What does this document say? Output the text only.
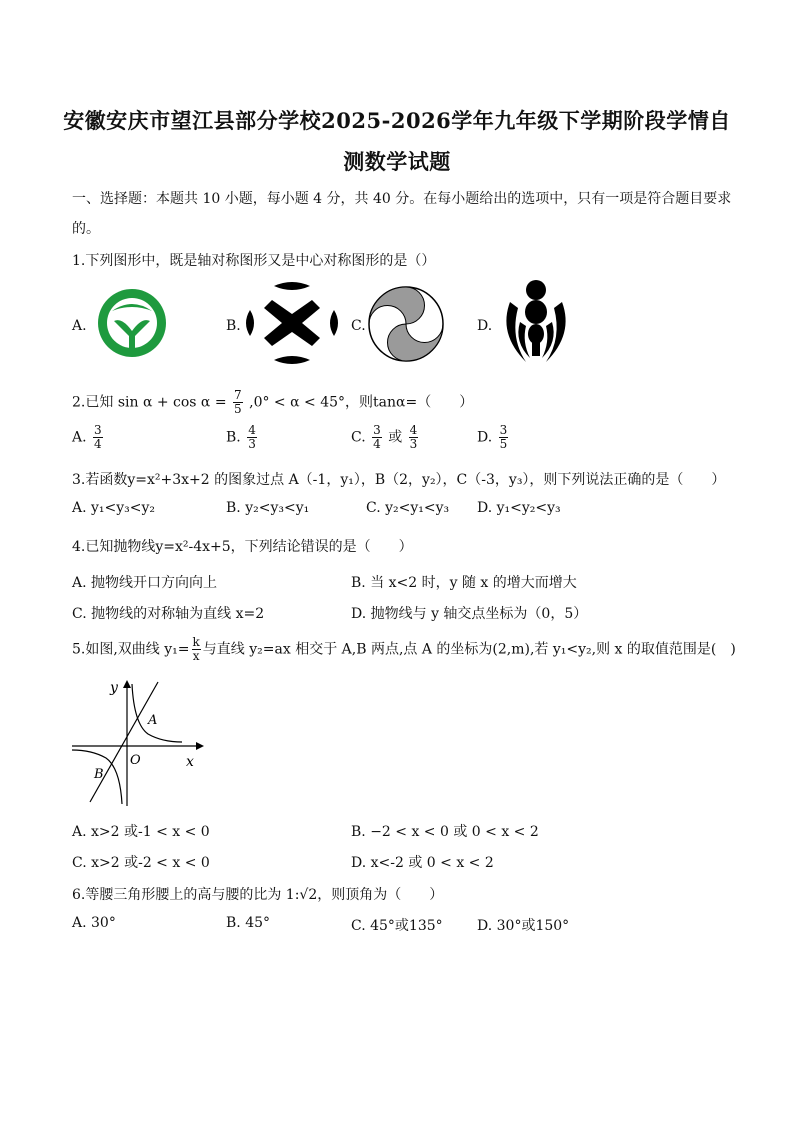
安徽安庆市望江县部分学校2025-2026学年九年级下学期阶段学情自
测数学试题
一、选择题：本题共 10 小题，每小题 4 分，共 40 分。在每小题给出的选项中，只有一项是符合题目要求
的。
1.下列图形中，既是轴对称图形又是中心对称图形的是（）
A.	B.	C.	D.
2.已知 $\sin \alpha + \cos \alpha = \frac{7}{5} ,0^\circ < \alpha < 45^\circ$，则tanα=（　　）
A. $\frac{3}{4}$	B. $\frac{4}{3}$	C. $\frac{3}{4}$ 或 $\frac{4}{3}$	D. $\frac{3}{5}$
3.若函数y=x²+3x+2 的图象过点 A（-1，y₁），B（2，y₂），C（-3，y₃），则下列说法正确的是（　　）
A. y₁<y₃<y₂	B. y₂<y₃<y₁	C. y₂<y₁<y₃ D. y₁<y₂<y₃
4.已知抛物线y=x²-4x+5，下列结论错误的是（　　）
A. 抛物线开口方向向上	B. 当 x<2 时，y 随 x 的增大而增大
C. 抛物线的对称轴为直线 x=2	D. 抛物线与 y 轴交点坐标为（0，5）
5.如图,双曲线 $y_1= \frac{k}{x}$ 与直线 y₂=ax 相交于 A,B 两点,点 A 的坐标为(2,m),若 y₁<y₂,则 x 的取值范围是(　)
y
x
O
A
B
A. x>2 或-1 < x < 0	B. −2 < x < 0 或 0 < x < 2
C. x>2 或-2 < x < 0	D. x<-2 或 0 < x < 2
6.等腰三角形腰上的高与腰的比为 1:√2，则顶角为（　　）
A. 30°	B. 45°	C. 45°或135° D. 30°或150°
